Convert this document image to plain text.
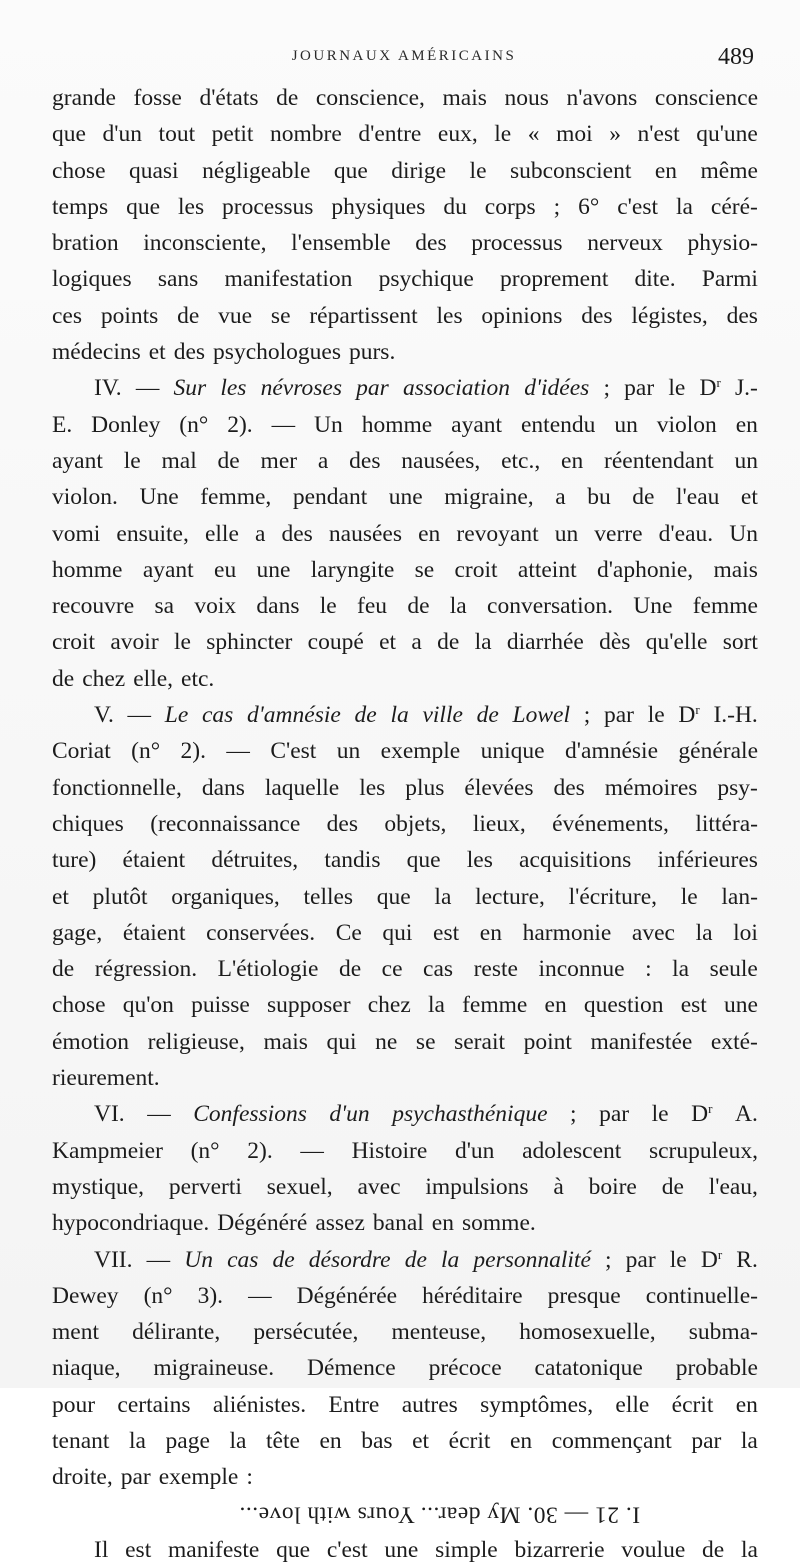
JOURNAUX AMÉRICAINS	489
grande fosse d'états de conscience, mais nous n'avons conscience
que d'un tout petit nombre d'entre eux, le « moi » n'est qu'une
chose quasi négligeable que dirige le subconscient en même
temps que les processus physiques du corps ; 6° c'est la céré-
bration inconsciente, l'ensemble des processus nerveux physio-
logiques sans manifestation psychique proprement dite. Parmi
ces points de vue se répartissent les opinions des légistes, des
médecins et des psychologues purs.
IV. — Sur les névroses par association d'idées ; par le $D^r$ J.-
E. Donley (n° 2). — Un homme ayant entendu un violon en
ayant le mal de mer a des nausées, etc., en réentendant un
violon. Une femme, pendant une migraine, a bu de l'eau et
vomi ensuite, elle a des nausées en revoyant un verre d'eau. Un
homme ayant eu une laryngite se croit atteint d'aphonie, mais
recouvre sa voix dans le feu de la conversation. Une femme
croit avoir le sphincter coupé et a de la diarrhée dès qu'elle sort
de chez elle, etc.
V. — Le cas d'amnésie de la ville de Lowel ; par le $D^r$ I.-H.
Coriat (n° 2). — C'est un exemple unique d'amnésie générale
fonctionnelle, dans laquelle les plus élevées des mémoires psy-
chiques (reconnaissance des objets, lieux, événements, littéra-
ture) étaient détruites, tandis que les acquisitions inférieures
et plutôt organiques, telles que la lecture, l'écriture, le lan-
gage, étaient conservées. Ce qui est en harmonie avec la loi
de régression. L'étiologie de ce cas reste inconnue : la seule
chose qu'on puisse supposer chez la femme en question est une
émotion religieuse, mais qui ne se serait point manifestée exté-
rieurement.
VI. — Confessions d'un psychasthénique ; par le $D^r$ A.
Kampmeier (n° 2). — Histoire d'un adolescent scrupuleux,
mystique, perverti sexuel, avec impulsions à boire de l'eau,
hypocondriaque. Dégénéré assez banal en somme.
VII. — Un cas de désordre de la personnalité ; par le $D^r$ R.
Dewey (n° 3). — Dégénérée héréditaire presque continuelle-
ment délirante, persécutée, menteuse, homosexuelle, subma-
niaque, migraineuse. Démence précoce catatonique probable
pour certains aliénistes. Entre autres symptômes, elle écrit en
tenant la page la tête en bas et écrit en commençant par la
droite, par exemple :
I. 21 — 30. My dear... Yours with love...
Il est manifeste que c'est une simple bizarrerie voulue de la
